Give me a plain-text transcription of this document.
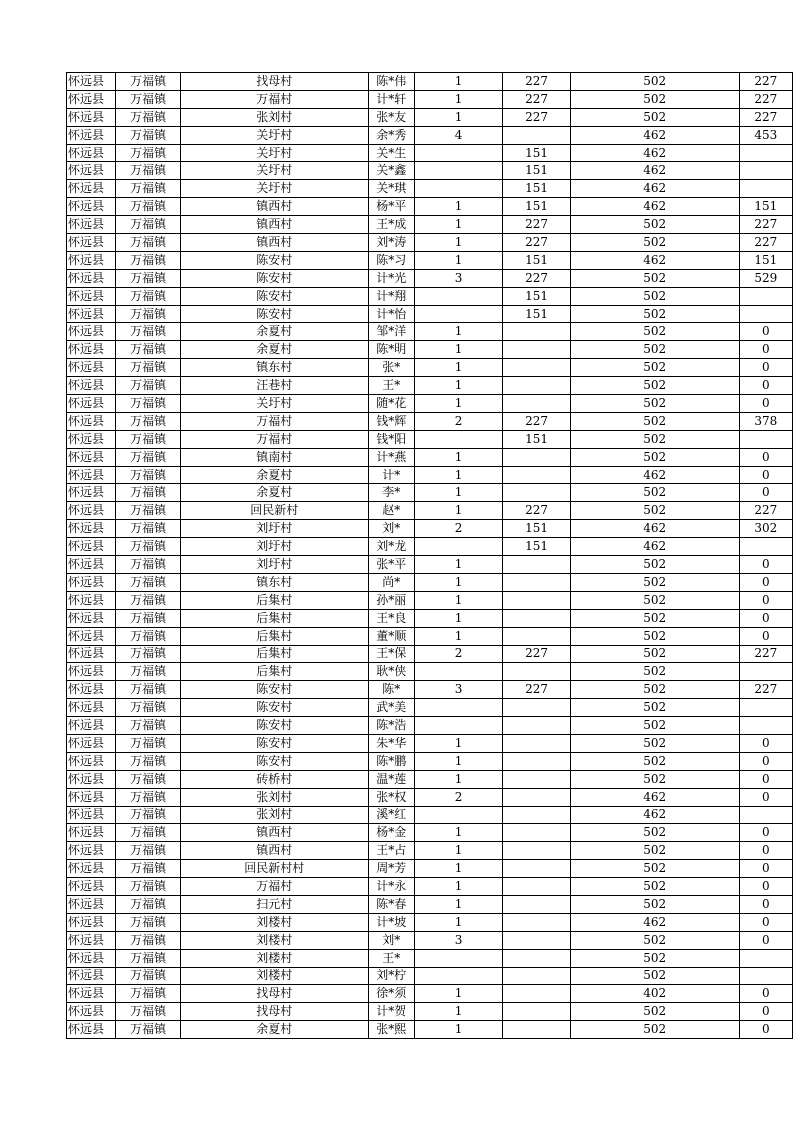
怀远县	万福镇	找母村	陈*伟	1	227	502	227
怀远县	万福镇	万福村	计*轩	1	227	502	227
怀远县	万福镇	张刘村	张*友	1	227	502	227
怀远县	万福镇	关圩村	余*秀	4		462	453
怀远县	万福镇	关圩村	关*生		151	462	
怀远县	万福镇	关圩村	关*鑫		151	462	
怀远县	万福镇	关圩村	关*琪		151	462	
怀远县	万福镇	镇西村	杨*平	1	151	462	151
怀远县	万福镇	镇西村	王*成	1	227	502	227
怀远县	万福镇	镇西村	刘*涛	1	227	502	227
怀远县	万福镇	陈安村	陈*习	1	151	462	151
怀远县	万福镇	陈安村	计*光	3	227	502	529
怀远县	万福镇	陈安村	计*翔		151	502	
怀远县	万福镇	陈安村	计*怡		151	502	
怀远县	万福镇	余夏村	邹*洋	1		502	0
怀远县	万福镇	余夏村	陈*明	1		502	0
怀远县	万福镇	镇东村	张*	1		502	0
怀远县	万福镇	汪巷村	王*	1		502	0
怀远县	万福镇	关圩村	随*花	1		502	0
怀远县	万福镇	万福村	钱*辉	2	227	502	378
怀远县	万福镇	万福村	钱*阳		151	502	
怀远县	万福镇	镇南村	计*燕	1		502	0
怀远县	万福镇	余夏村	计*	1		462	0
怀远县	万福镇	余夏村	李*	1		502	0
怀远县	万福镇	回民新村	赵*	1	227	502	227
怀远县	万福镇	刘圩村	刘*	2	151	462	302
怀远县	万福镇	刘圩村	刘*龙		151	462	
怀远县	万福镇	刘圩村	张*平	1		502	0
怀远县	万福镇	镇东村	尚*	1		502	0
怀远县	万福镇	后集村	孙*丽	1		502	0
怀远县	万福镇	后集村	王*良	1		502	0
怀远县	万福镇	后集村	董*顺	1		502	0
怀远县	万福镇	后集村	王*保	2	227	502	227
怀远县	万福镇	后集村	耿*侠			502	
怀远县	万福镇	陈安村	陈*	3	227	502	227
怀远县	万福镇	陈安村	武*美			502	
怀远县	万福镇	陈安村	陈*浩			502	
怀远县	万福镇	陈安村	朱*华	1		502	0
怀远县	万福镇	陈安村	陈*鹏	1		502	0
怀远县	万福镇	砖桥村	温*莲	1		502	0
怀远县	万福镇	张刘村	张*权	2		462	0
怀远县	万福镇	张刘村	溪*红			462	
怀远县	万福镇	镇西村	杨*金	1		502	0
怀远县	万福镇	镇西村	王*占	1		502	0
怀远县	万福镇	回民新村村	周*芳	1		502	0
怀远县	万福镇	万福村	计*永	1		502	0
怀远县	万福镇	扫元村	陈*春	1		502	0
怀远县	万福镇	刘楼村	计*坡	1		462	0
怀远县	万福镇	刘楼村	刘*	3		502	0
怀远县	万福镇	刘楼村	王*			502	
怀远县	万福镇	刘楼村	刘*柠			502	
怀远县	万福镇	找母村	徐*须	1		402	0
怀远县	万福镇	找母村	计*贺	1		502	0
怀远县	万福镇	余夏村	张*熙	1		502	0
